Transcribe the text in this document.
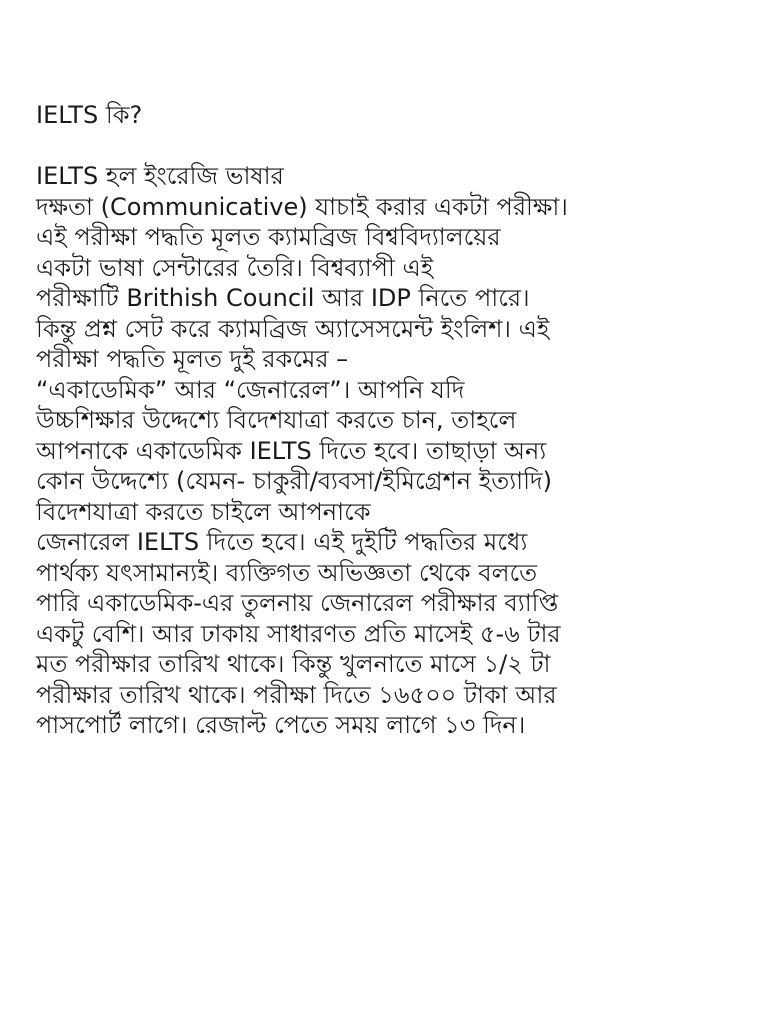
IELTS কি?
IELTS হল ইংরেজি ভাষার
দক্ষতা (Communicative) যাচাই করার একটা পরীক্ষা।
এই পরীক্ষা পদ্ধতি মূলত ক্যামব্রিজ বিশ্ববিদ্যালয়ের
একটা ভাষা সেন্টারের তৈরি। বিশ্বব্যাপী এই
পরীক্ষাটি Brithish Council আর IDP নিতে পারে।
কিন্তু প্রশ্ন সেট করে ক্যামব্রিজ অ্যাসেসমেন্ট ইংলিশ। এই
পরীক্ষা পদ্ধতি মূলত দুই রকমের –
“একাডেমিক” আর “জেনারেল”। আপনি যদি
উচ্চশিক্ষার উদ্দেশ্যে বিদেশযাত্রা করতে চান, তাহলে
আপনাকে একাডেমিক IELTS দিতে হবে। তাছাড়া অন্য
কোন উদ্দেশ্যে (যেমন- চাকুরী/ব্যবসা/ইমিগ্রেশন ইত্যাদি)
বিদেশযাত্রা করতে চাইলে আপনাকে
জেনারেল IELTS দিতে হবে। এই দুইটি পদ্ধতির মধ্যে
পার্থক্য যৎসামান্যই। ব্যক্তিগত অভিজ্ঞতা থেকে বলতে
পারি একাডেমিক-এর তুলনায় জেনারেল পরীক্ষার ব্যাপ্তি
একটু বেশি। আর ঢাকায় সাধারণত প্রতি মাসেই ৫-৬ টার
মত পরীক্ষার তারিখ থাকে। কিন্তু খুলনাতে মাসে ১/২ টা
পরীক্ষার তারিখ থাকে। পরীক্ষা দিতে ১৬৫০০ টাকা আর
পাসপোর্ট লাগে। রেজাল্ট পেতে সময় লাগে ১৩ দিন।
